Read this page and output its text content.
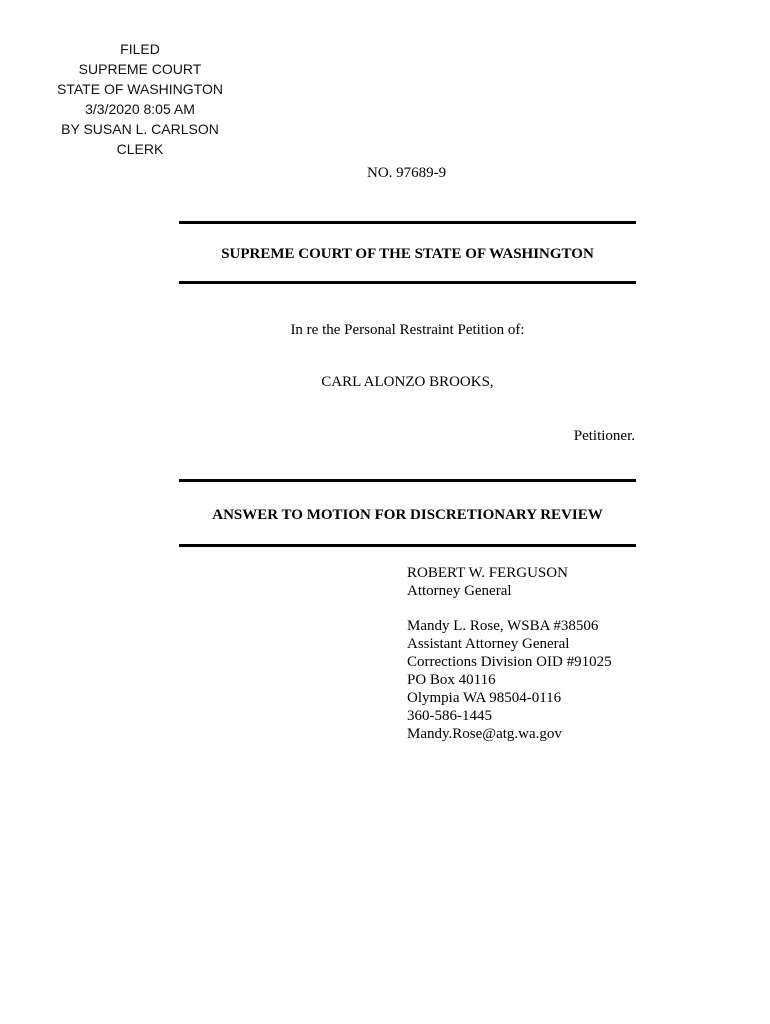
FILED
SUPREME COURT
STATE OF WASHINGTON
3/3/2020 8:05 AM
BY SUSAN L. CARLSON
CLERK
NO. 97689-9
SUPREME COURT OF THE STATE OF WASHINGTON
In re the Personal Restraint Petition of:
CARL ALONZO BROOKS,
Petitioner.
ANSWER TO MOTION FOR DISCRETIONARY REVIEW
ROBERT W. FERGUSON
Attorney General
Mandy L. Rose, WSBA #38506
Assistant Attorney General
Corrections Division OID #91025
PO Box 40116
Olympia WA 98504-0116
360-586-1445
Mandy.Rose@atg.wa.gov
